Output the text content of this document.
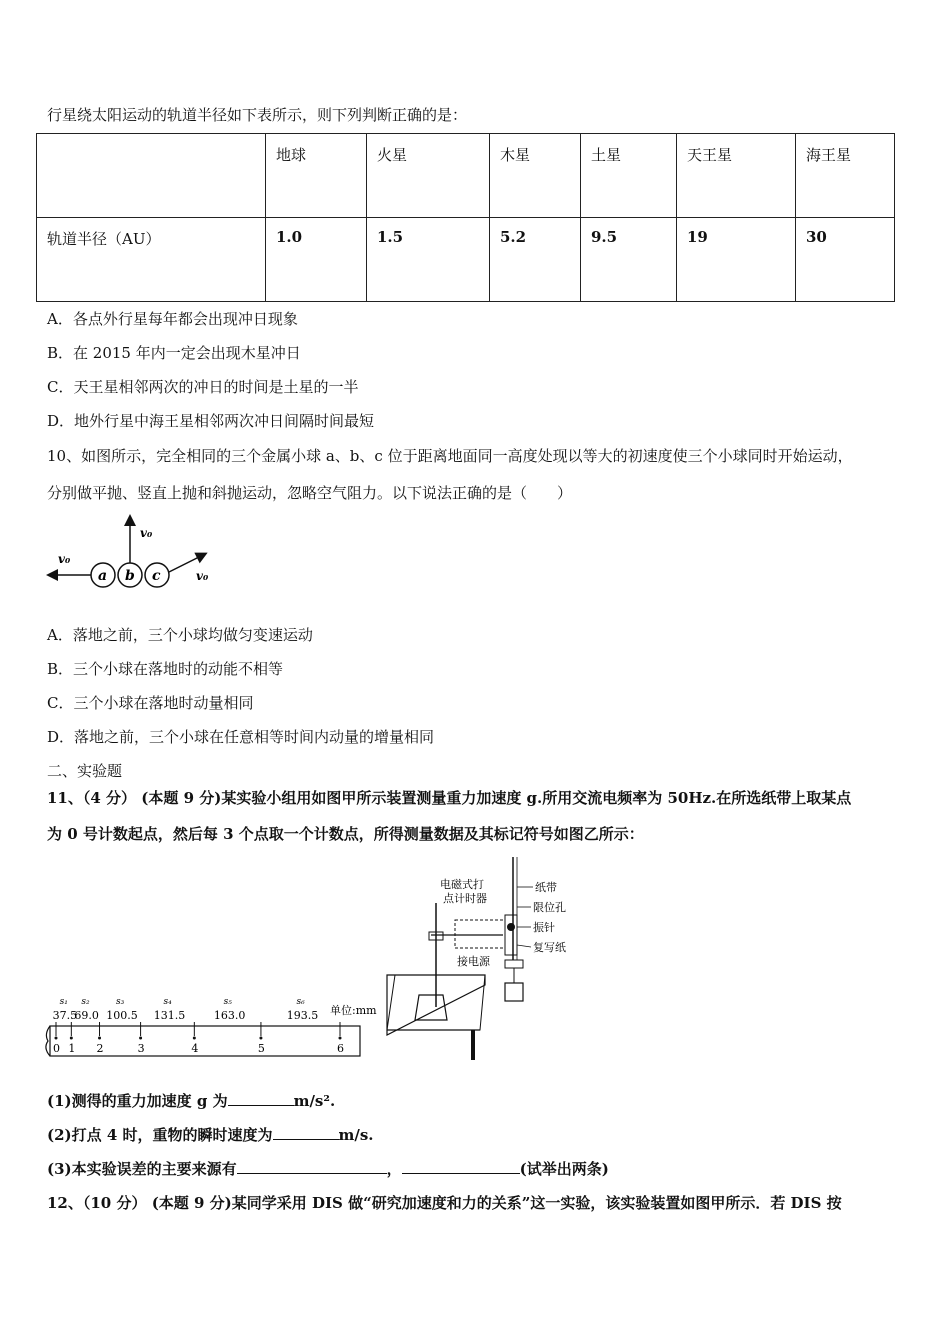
行星绕太阳运动的轨道半径如下表所示，则下列判断正确的是：
	地球	火星	木星	土星	天王星	海王星
轨道半径（AU）	1.0	1.5	5.2	9.5	19	30
A．各点外行星每年都会出现冲日现象
B．在 2015 年内一定会出现木星冲日
C．天王星相邻两次的冲日的时间是土星的一半
D．地外行星中海王星相邻两次冲日间隔时间最短
10、如图所示，完全相同的三个金属小球 a、b、c 位于距离地面同一高度处现以等大的初速度使三个小球同时开始运动，
分别做平抛、竖直上抛和斜抛运动，忽略空气阻力。以下说法正确的是（　　）
a b c
v₀
v₀
v₀
A．落地之前，三个小球均做匀变速运动
B．三个小球在落地时的动能不相等
C．三个小球在落地时动量相同
D．落地之前，三个小球在任意相等时间内动量的增量相同
二、实验题
11、（4 分） (本题 9 分)某实验小组用如图甲所示装置测量重力加速度 g.所用交流电频率为 50Hz.在所选纸带上取某点
为 0 号计数起点，然后每 3 个点取一个计数点，所得测量数据及其标记符号如图乙所示：
0 1 2	3	4	5	6
s₁
37.5
s₂
69.0
s₃
100.5
s₄
131.5
s₅
163.0
s₆
193.5 单位:mm
电磁式打
点计时器
纸带
限位孔
振针
复写纸
接电源
(1)测得的重力加速度 g 为	m/s².
(2)打点 4 时，重物的瞬时速度为	m/s.
(3)本实验误差的主要来源有	，	(试举出两条)
12、（10 分） (本题 9 分)某同学采用 DIS 做“研究加速度和力的关系”这一实验，该实验装置如图甲所示．若 DIS 按
